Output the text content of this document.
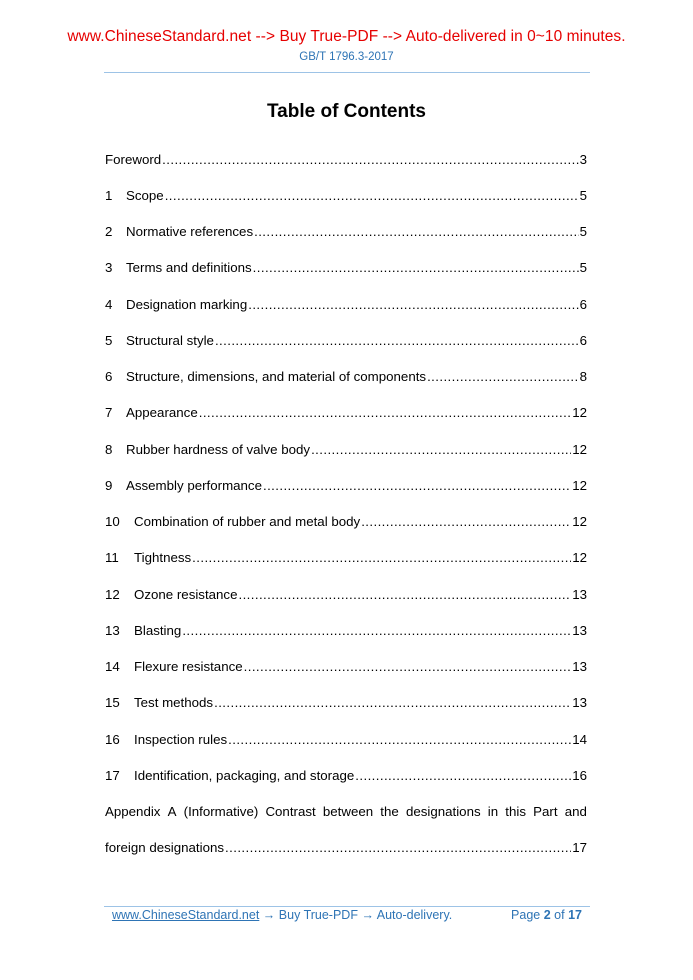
www.ChineseStandard.net --> Buy True-PDF --> Auto-delivered in 0~10 minutes.
GB/T 1796.3-2017
Table of Contents
Foreword .....	3
1	Scope .....	5
2	Normative references .....	5
3	Terms and definitions .....	5
4	Designation marking .....	6
5	Structural style .....	6
6	Structure, dimensions, and material of components .....	8
7	Appearance .....	12
8	Rubber hardness of valve body .....	12
9	Assembly performance .....	12
10	Combination of rubber and metal body .....	12
11	Tightness .....	12
12	Ozone resistance .....	13
13	Blasting .....	13
14	Flexure resistance .....	13
15	Test methods .....	13
16	Inspection rules .....	14
17	Identification, packaging, and storage .....	16
Appendix A (Informative) Contrast between the designations in this Part and
foreign designations .....	17
www.ChineseStandard.net → Buy True-PDF → Auto-delivery.	Page 2 of 17
